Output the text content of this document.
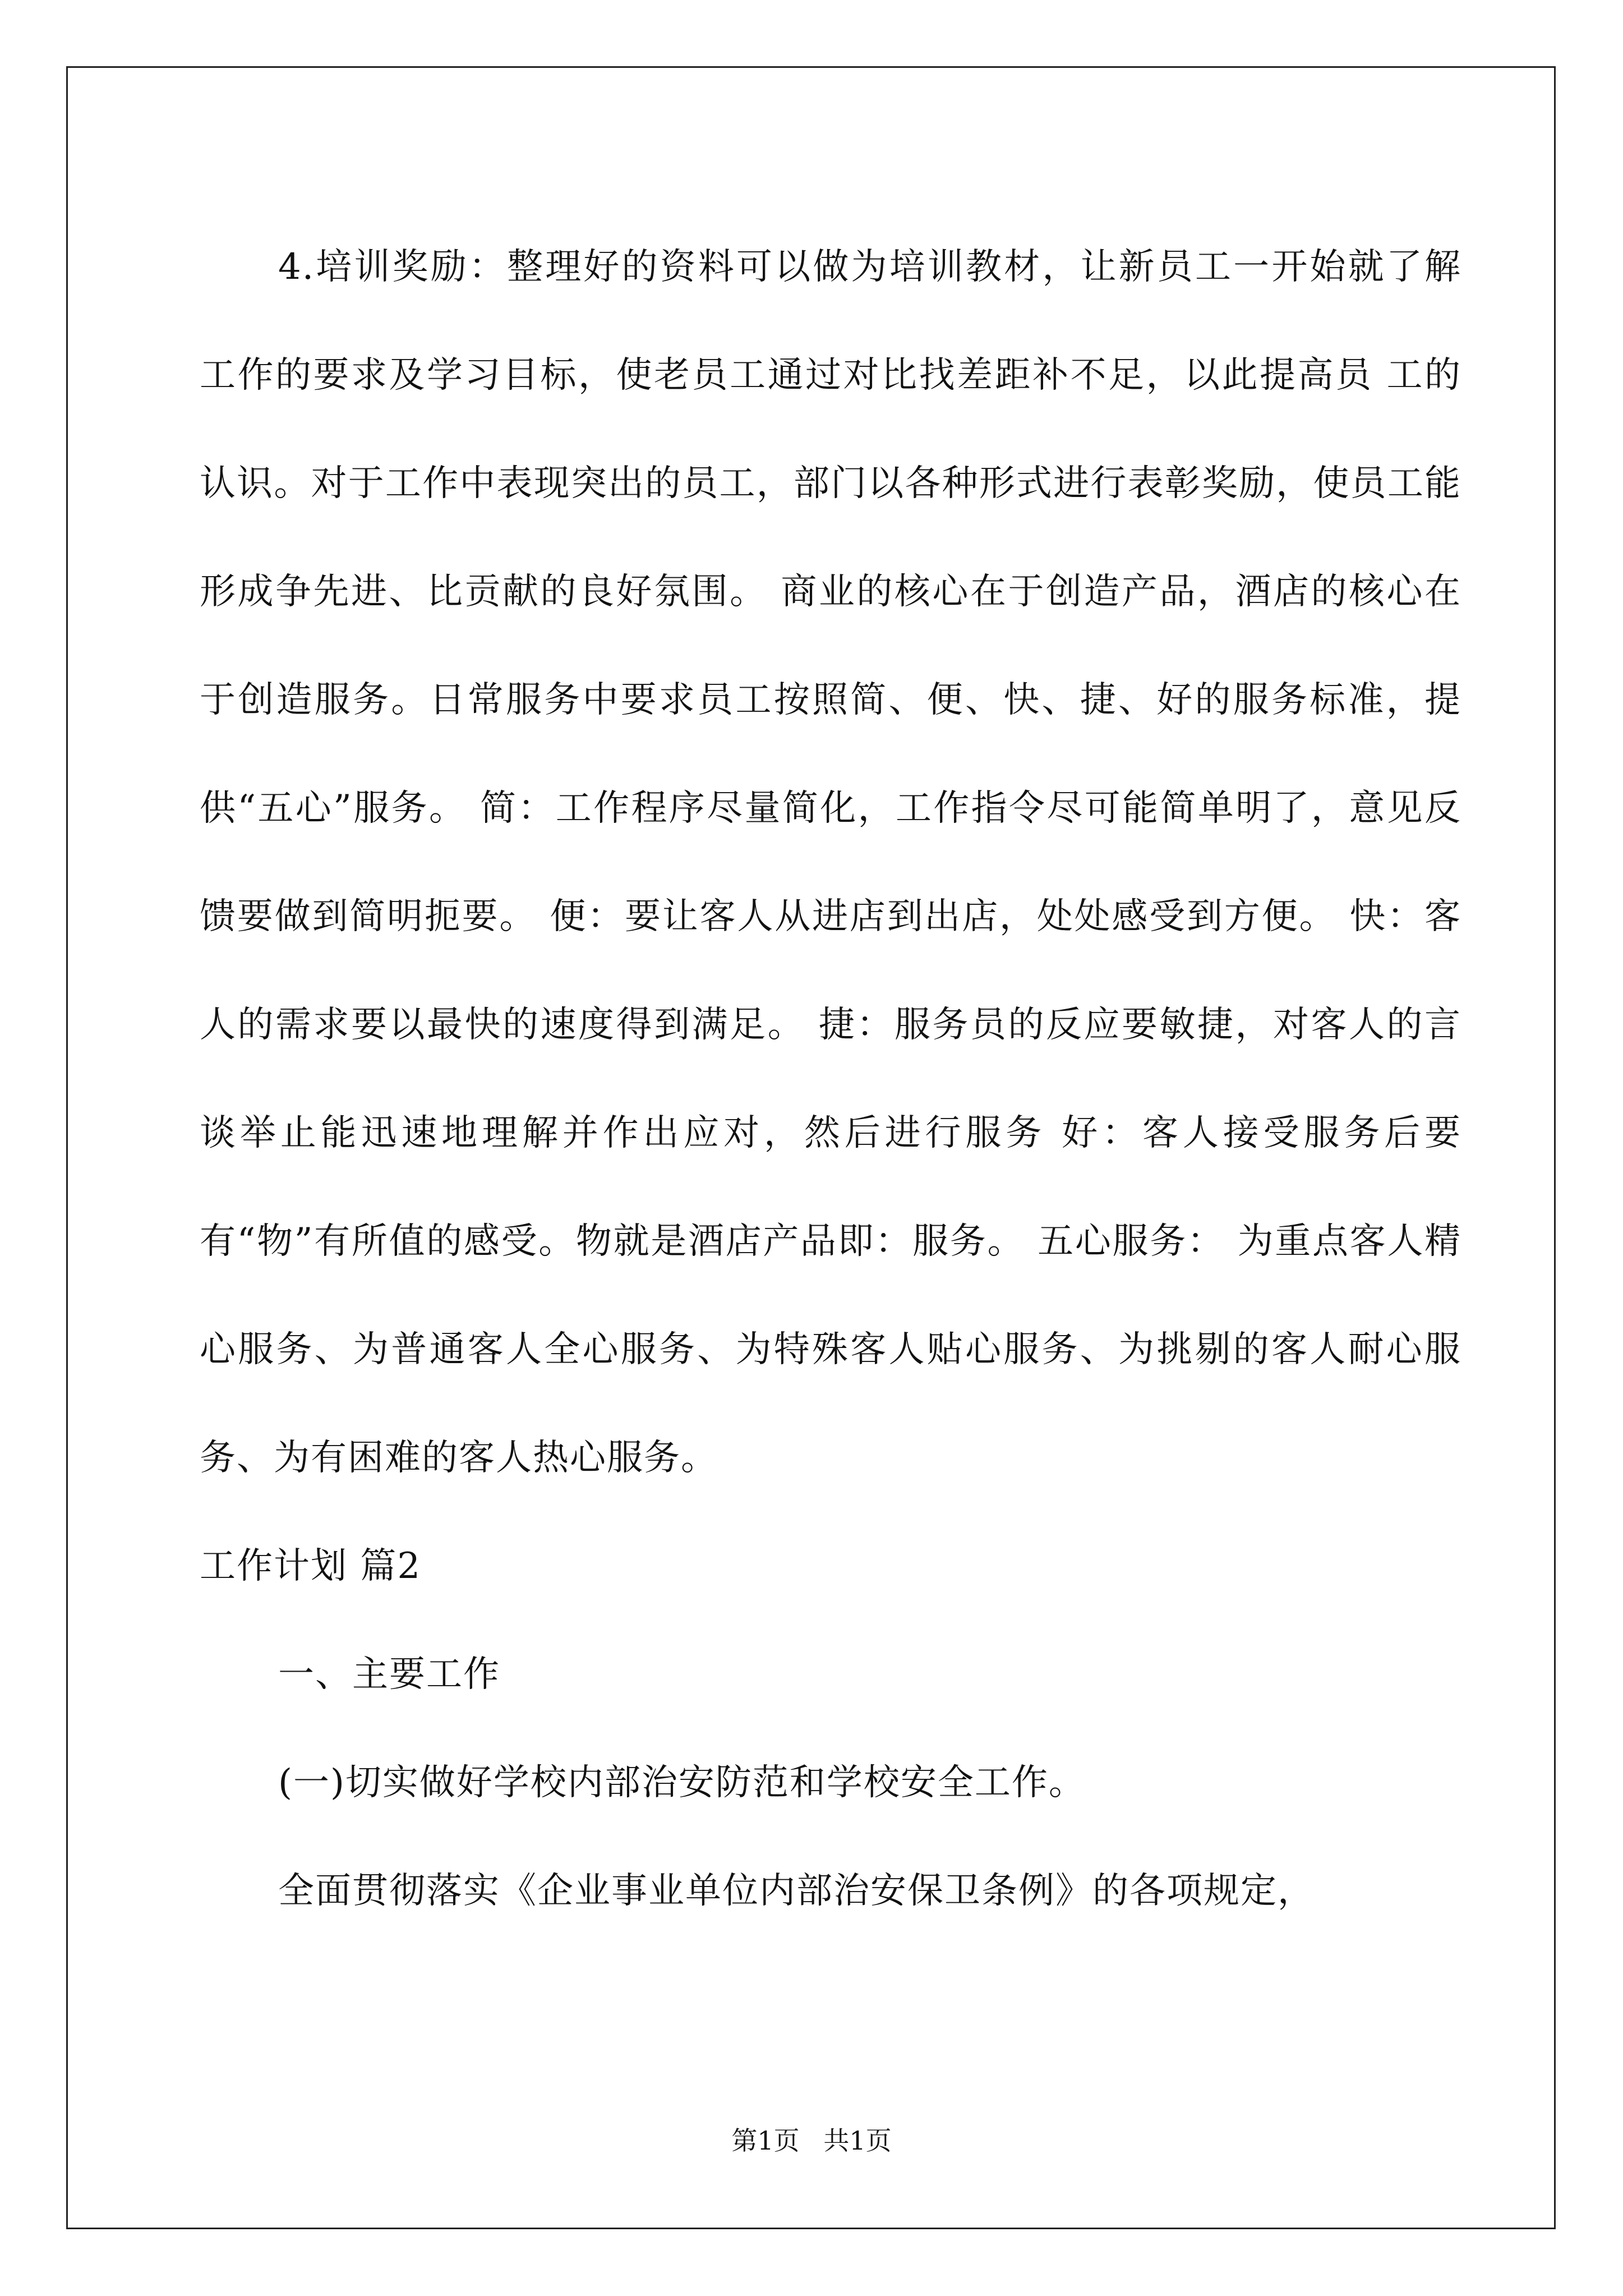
4.培训奖励：整理好的资料可以做为培训教材，让新员工一开始就了解工作的要求及学习目标，使老员工通过对比找差距补不足，以此提高员 工的认识。对于工作中表现突出的员工，部门以各种形式进行表彰奖励，使员工能形成争先进、比贡献的良好氛围。 商业的核心在于创造产品，酒店的核心在于创造服务。日常服务中要求员工按照简、便、快、捷、好的服务标准，提供“五心”服务。 简：工作程序尽量简化，工作指令尽可能简单明了，意见反馈要做到简明扼要。 便：要让客人从进店到出店，处处感受到方便。 快：客人的需求要以最快的速度得到满足。 捷：服务员的反应要敏捷，对客人的言谈举止能迅速地理解并作出应对，然后进行服务 好：客人接受服务后要有“物”有所值的感受。物就是酒店产品即：服务。 五心服务： 为重点客人精心服务、为普通客人全心服务、为特殊客人贴心服务、为挑剔的客人耐心服务、为有困难的客人热心服务。

工作计划 篇2

一、主要工作

(一)切实做好学校内部治安防范和学校安全工作。

全面贯彻落实《企业事业单位内部治安保卫条例》的各项规定，

第1页 共1页
